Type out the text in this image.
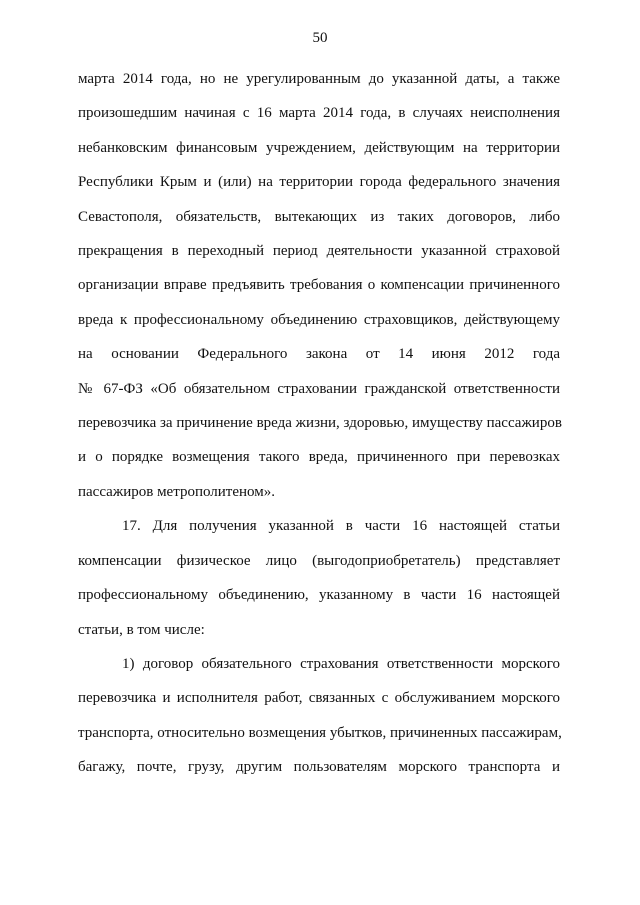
50
марта 2014 года, но не урегулированным до указанной даты, а также
произошедшим начиная с 16 марта 2014 года, в случаях неисполнения
небанковским финансовым учреждением, действующим на территории
Республики Крым и (или) на территории города федерального значения
Севастополя, обязательств, вытекающих из таких договоров, либо
прекращения в переходный период деятельности указанной страховой
организации вправе предъявить требования о компенсации причиненного
вреда к профессиональному объединению страховщиков, действующему
на основании Федерального закона от 14 июня 2012 года
№ 67-ФЗ «Об обязательном страховании гражданской ответственности
перевозчика за причинение вреда жизни, здоровью, имуществу пассажиров
и о порядке возмещения такого вреда, причиненного при перевозках
пассажиров метрополитеном».
17. Для получения указанной в части 16 настоящей статьи
компенсации физическое лицо (выгодоприобретатель) представляет
профессиональному объединению, указанному в части 16 настоящей
статьи, в том числе:
1) договор обязательного страхования ответственности морского
перевозчика и исполнителя работ, связанных с обслуживанием морского
транспорта, относительно возмещения убытков, причиненных пассажирам,
багажу, почте, грузу, другим пользователям морского транспорта и
